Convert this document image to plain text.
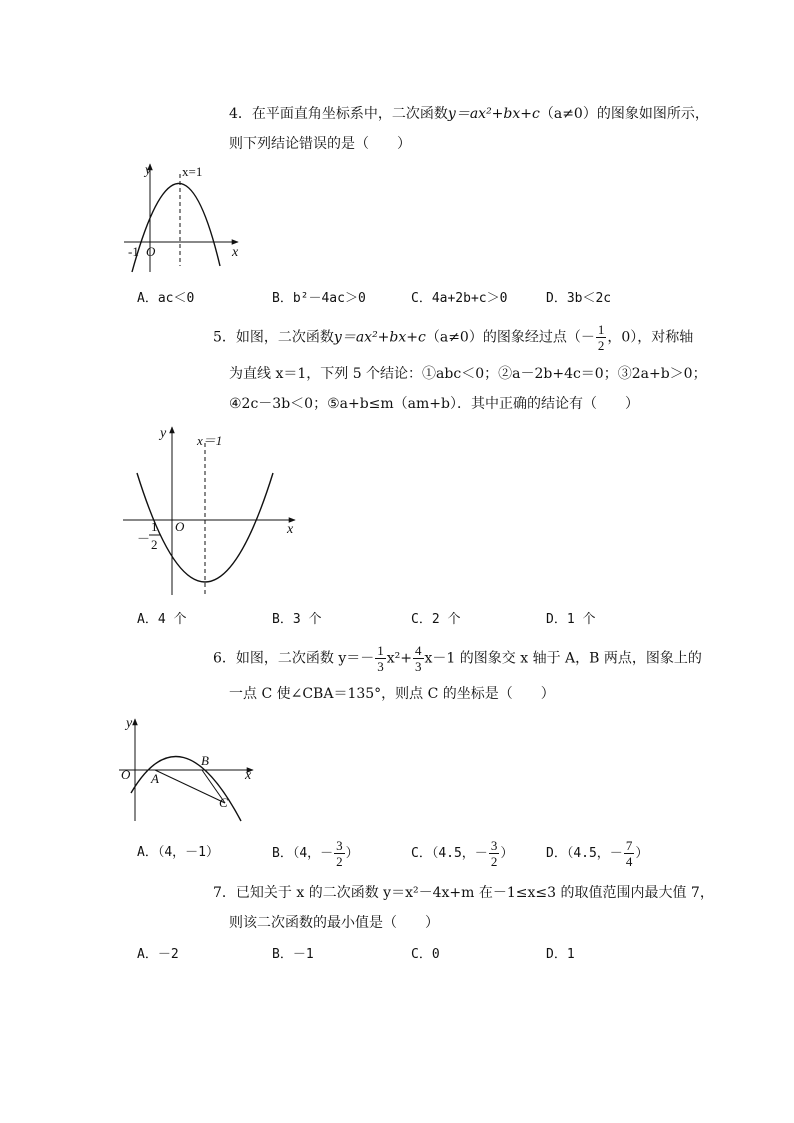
4．在平面直角坐标系中，二次函数y＝ax²+bx+c（a≠0）的图象如图所示，
则下列结论错误的是（　　）
y
x
x=1
-1 O
A．ac＜0	B．b²－4ac＞0	C．4a+2b+c＞0	D．3b＜2c
5．如图，二次函数y＝ax²+bx+c（a≠0）的图象经过点（－ $\frac{1}{2}$ ，0），对称轴
为直线 x＝1，下列 5 个结论：①abc＜0；②a－2b+4c＝0；③2a+b＞0；
④2c－3b＜0；⑤a+b≤m（am+b）．其中正确的结论有（　　）
y
x
x＝1
O
－
1
2
A．4 个	B．3 个	C．2 个	D．1 个
6．如图，二次函数 $y=- \frac{1}{3} x^2+ \frac{4}{3} x-1$ 的图象交 x 轴于 A，B 两点，图象上的
一点 C 使∠CBA＝135°，则点 C 的坐标是（　　）
y
x
O A
B
C
A．（4，－1）	B．（4，－ $\frac{3}{2}$ ）	C．（4.5，－ $\frac{3}{2}$ ）	D．（4.5，－ $\frac{7}{4}$ ）
7．已知关于 x 的二次函数 y＝x²－4x+m 在－1≤x≤3 的取值范围内最大值 7，
则该二次函数的最小值是（　　）
A．－2	B．－1	C．0	D．1
